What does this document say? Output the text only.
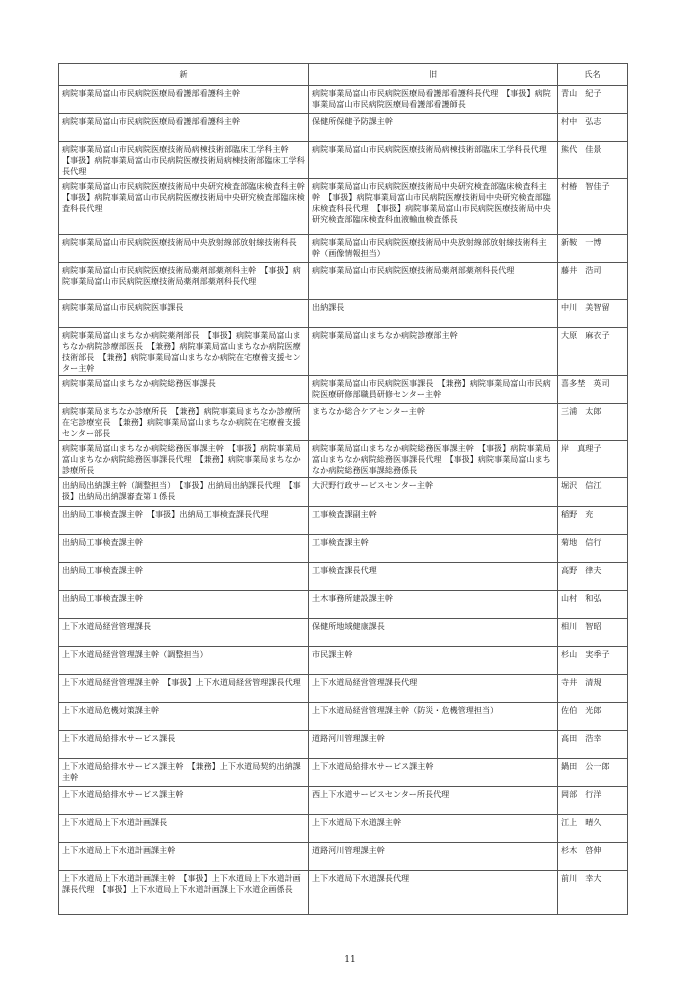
新	旧	氏名
病院事業局富山市民病院医療局看護部看護科主幹	病院事業局富山市民病院医療局看護部看護科長代理　【事扱】病院事業局富山市民病院医療局看護部看護師長	青山　紀子
病院事業局富山市民病院医療局看護部看護科主幹	保健所保健予防課主幹	村中　弘志
病院事業局富山市民病院医療技術局病棟技術部臨床工学科主幹　【事扱】病院事業局富山市民病院医療技術局病棟技術部臨床工学科長代理	病院事業局富山市民病院医療技術局病棟技術部臨床工学科長代理	熊代　佳景
病院事業局富山市民病院医療技術局中央研究検査部臨床検査科主幹　【事扱】病院事業局富山市民病院医療技術局中央研究検査部臨床検査科長代理	病院事業局富山市民病院医療技術局中央研究検査部臨床検査科主幹　【事扱】病院事業局富山市民病院医療技術局中央研究検査部臨床検査科長代理　【事扱】病院事業局富山市民病院医療技術局中央研究検査部臨床検査科血液輸血検査係長	村椿　智佳子
病院事業局富山市民病院医療技術局中央放射線部放射線技術科長	病院事業局富山市民病院医療技術局中央放射線部放射線技術科主幹（画像情報担当）	新鞍　一博
病院事業局富山市民病院医療技術局薬剤部薬剤科主幹　【事扱】病院事業局富山市民病院医療技術局薬剤部薬剤科長代理	病院事業局富山市民病院医療技術局薬剤部薬剤科長代理	藤井　浩司
病院事業局富山市民病院医事課長	出納課長	中川　美智留
病院事業局富山まちなか病院薬剤部長　【事扱】病院事業局富山まちなか病院診療部医長　【兼務】病院事業局富山まちなか病院医療技術部長　【兼務】病院事業局富山まちなか病院在宅療養支援センター主幹	病院事業局富山まちなか病院診療部主幹	大原　麻衣子
病院事業局富山まちなか病院総務医事課長	病院事業局富山市民病院医事課長　【兼務】病院事業局富山市民病院医療研修部職員研修センター主幹	喜多埜　英司
病院事業局まちなか診療所長　【兼務】病院事業局まちなか診療所在宅診療室長　【兼務】病院事業局富山まちなか病院在宅療養支援センター部長	まちなか総合ケアセンター主幹	三浦　太郎
病院事業局富山まちなか病院総務医事課主幹　【事扱】病院事業局富山まちなか病院総務医事課長代理　【兼務】病院事業局まちなか診療所長	病院事業局富山まちなか病院総務医事課主幹　【事扱】病院事業局富山まちなか病院総務医事課長代理　【事扱】病院事業局富山まちなか病院総務医事課総務係長	岸　真理子
出納局出納課主幹（調整担当）　【事扱】出納局出納課長代理　【事扱】出納局出納課審査第１係長	大沢野行政サービスセンター主幹	堀沢　信江
出納局工事検査課主幹　【事扱】出納局工事検査課長代理	工事検査課副主幹	稲野　充
出納局工事検査課主幹	工事検査課主幹	菊地　信行
出納局工事検査課主幹	工事検査課長代理	高野　律夫
出納局工事検査課主幹	土木事務所建設課主幹	山村　和弘
上下水道局経営管理課長	保健所地域健康課長	相川　智昭
上下水道局経営管理課主幹（調整担当）	市民課主幹	杉山　実季子
上下水道局経営管理課主幹　【事扱】上下水道局経営管理課長代理	上下水道局経営管理課長代理	寺井　清規
上下水道局危機対策課主幹	上下水道局経営管理課主幹（防災・危機管理担当）	佐伯　光郎
上下水道局給排水サービス課長	道路河川管理課主幹	高田　浩幸
上下水道局給排水サービス課主幹　【兼務】上下水道局契約出納課主幹	上下水道局給排水サービス課主幹	鍋田　公一郎
上下水道局給排水サービス課主幹	西上下水道サービスセンター所長代理	岡部　行洋
上下水道局上下水道計画課長	上下水道局下水道課主幹	江上　晴久
上下水道局上下水道計画課主幹	道路河川管理課主幹	杉木　啓伸
上下水道局上下水道計画課主幹　【事扱】上下水道局上下水道計画課長代理　【事扱】上下水道局上下水道計画課上下水道企画係長	上下水道局下水道課長代理	前川　幸大
11
